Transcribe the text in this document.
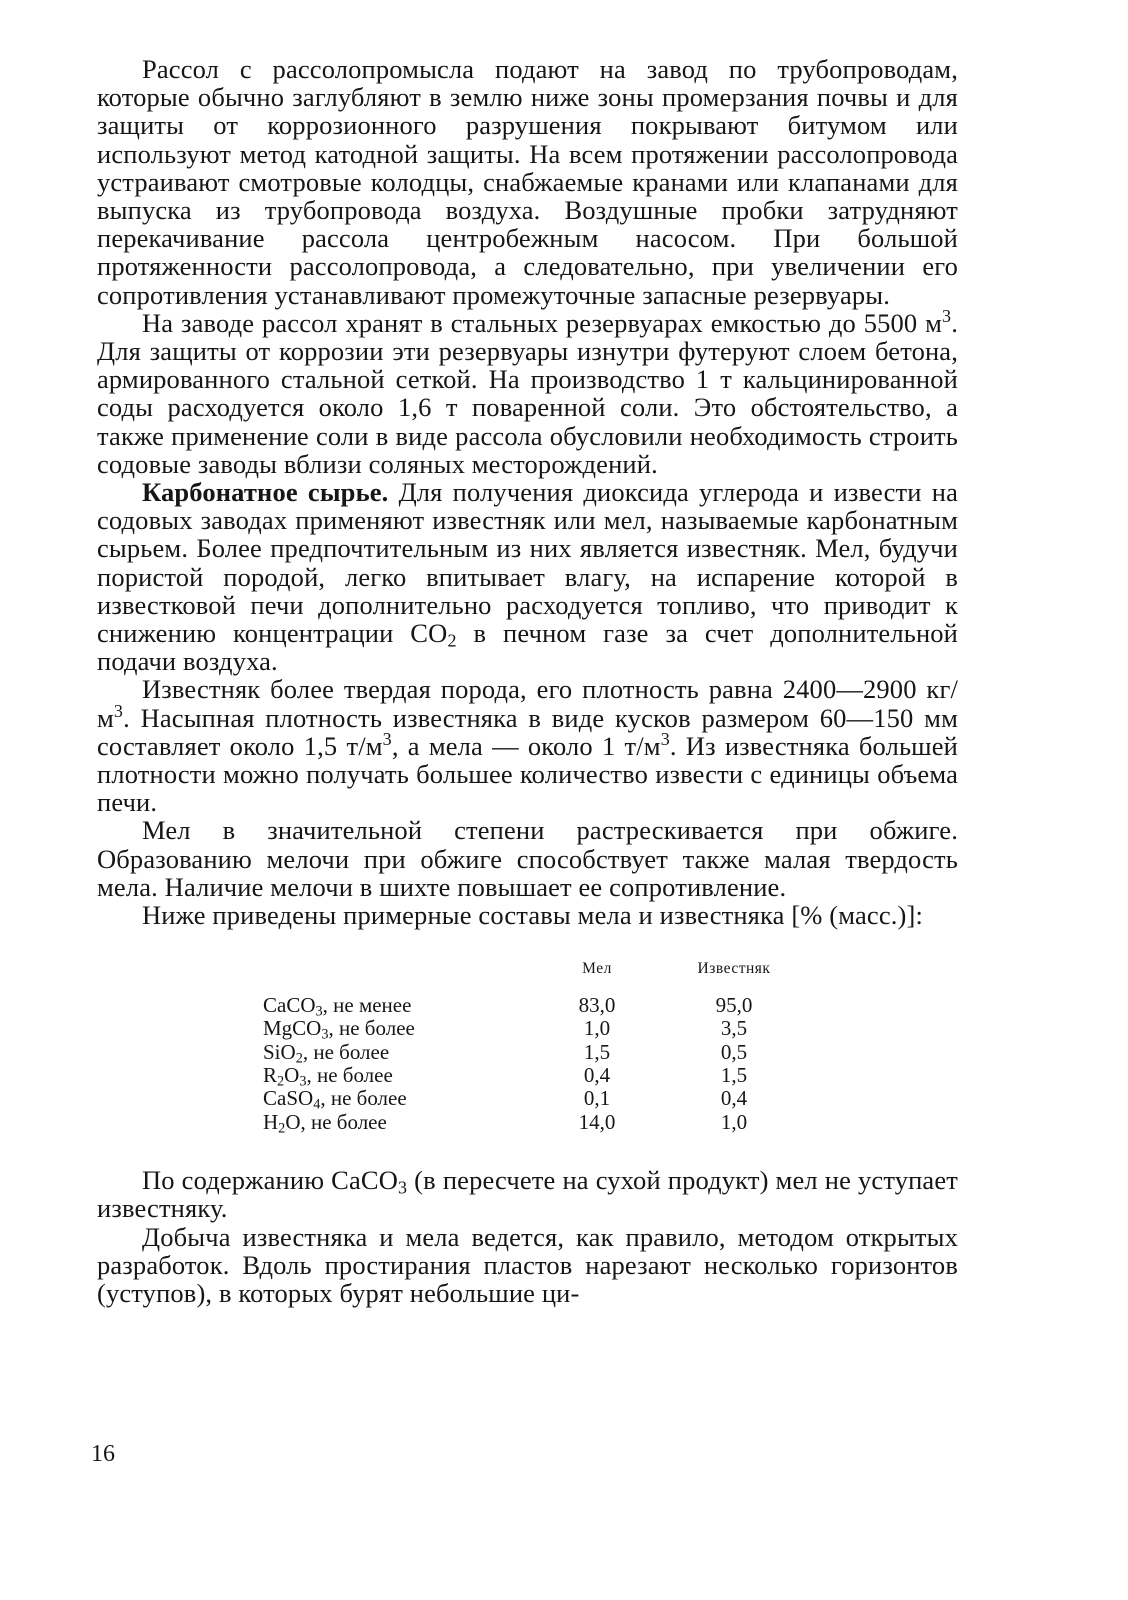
Рассол с рассолопромысла подают на завод по трубопроводам, которые обычно заглубляют в землю ниже зоны промерзания почвы и для защиты от коррозионного разрушения покрывают битумом или используют метод катодной защиты. На всем протяжении рассолопровода устраивают смотровые колодцы, снабжаемые кранами или клапанами для выпуска из трубопровода воздуха. Воздушные пробки затрудняют перекачивание рассола центробежным насосом. При большой протяженности рассолопровода, а следовательно, при увеличении его сопротивления устанавливают промежуточные запасные резервуары.

На заводе рассол хранят в стальных резервуарах емкостью до 5500 $м^3$. Для защиты от коррозии эти резервуары изнутри футеруют слоем бетона, армированного стальной сеткой. На производство 1 т кальцинированной соды расходуется около 1,6 т поваренной соли. Это обстоятельство, а также применение соли в виде рассола обусловили необходимость строить содовые заводы вблизи соляных месторождений.

Карбонатное сырье. Для получения диоксида углерода и извести на содовых заводах применяют известняк или мел, называемые карбонатным сырьем. Более предпочтительным из них является известняк. Мел, будучи пористой породой, легко впитывает влагу, на испарение которой в известковой печи дополнительно расходуется топливо, что приводит к снижению концентрации $CO_2$ в печном газе за счет дополнительной подачи воздуха.

Известняк более твердая порода, его плотность равна 2400—2900 $кг/м^3$. Насыпная плотность известняка в виде кусков размером 60—150 мм составляет около 1,5 $т/м^3$, а мела — около 1 $т/м^3$. Из известняка большей плотности можно получать большее количество извести с единицы объема печи.

Мел в значительной степени растрескивается при обжиге. Образованию мелочи при обжиге способствует также малая твердость мела. Наличие мелочи в шихте повышает ее сопротивление.

Ниже приведены примерные составы мела и известняка [% (масс.)]:

	Мел	Известняк
CaCO$_3$, не менее	83,0	95,0
MgCO$_3$, не более	1,0	3,5
SiO$_2$, не более	1,5	0,5
$R_2O_3$, не более	0,4	1,5
CaSO$_4$, не более	0,1	0,4
$H_2O$, не более	14,0	1,0

По содержанию CaCO$_3$ (в пересчете на сухой продукт) мел не уступает известняку.

Добыча известняка и мела ведется, как правило, методом открытых разработок. Вдоль простирания пластов нарезают несколько горизонтов (уступов), в которых бурят небольшие ци-

16
